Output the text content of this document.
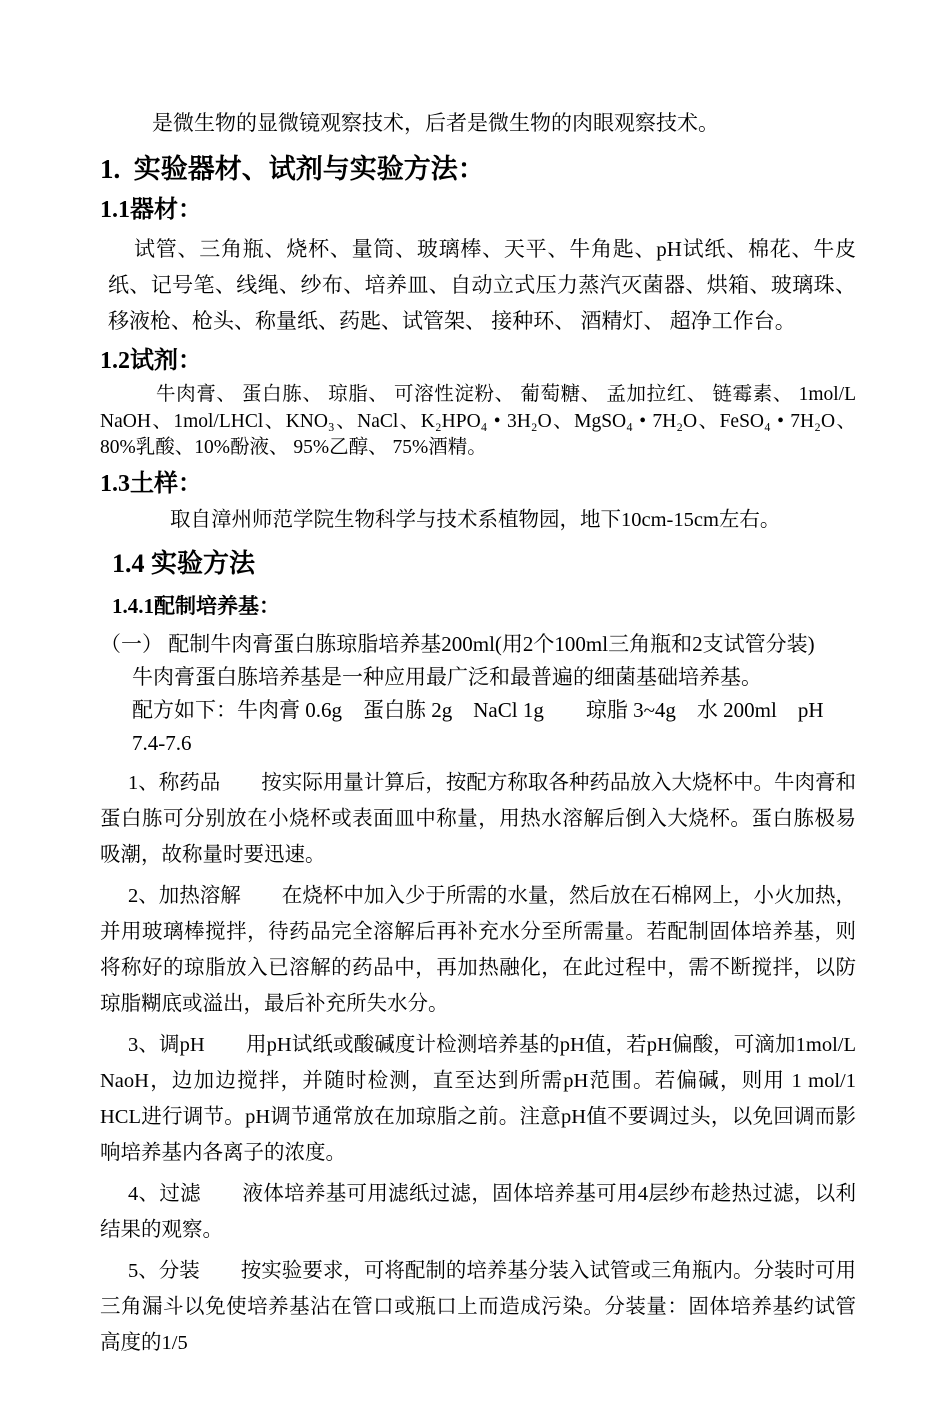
是微生物的显微镜观察技术，后者是微生物的肉眼观察技术。

1.  实验器材、试剂与实验方法：
1.1器材：

试管、三角瓶、烧杯、量筒、玻璃棒、天平、牛角匙、pH试纸、棉花、牛皮纸、记号笔、线绳、纱布、培养皿、自动立式压力蒸汽灭菌器、烘箱、玻璃珠、移液枪、枪头、称量纸、药匙、试管架、 接种环、 酒精灯、 超净工作台。

1.2试剂：

牛肉膏、 蛋白胨、 琼脂、 可溶性淀粉、 葡萄糖、 孟加拉红、 链霉素、 1mol/L NaOH、1mol/LHCl、KNO₃、NaCl、K₂HPO₄ • 3H₂O、MgSO₄ • 7H₂O、FeSO₄ • 7H₂O、80%乳酸、10%酚液、 95%乙醇、 75%酒精。

1.3土样：

取自漳州师范学院生物科学与技术系植物园，地下10cm-15cm左右。

1.4 实验方法
1.4.1配制培养基：

（一） 配制牛肉膏蛋白胨琼脂培养基200ml(用2个100ml三角瓶和2支试管分装)

牛肉膏蛋白胨培养基是一种应用最广泛和最普遍的细菌基础培养基。

配方如下：牛肉膏 0.6g　蛋白胨 2g　NaCl 1g　　琼脂 3~4g　水 200ml　pH 7.4-7.6

1、称药品　　按实际用量计算后，按配方称取各种药品放入大烧杯中。牛肉膏和蛋白胨可分别放在小烧杯或表面皿中称量，用热水溶解后倒入大烧杯。蛋白胨极易吸潮，故称量时要迅速。

2、加热溶解　　在烧杯中加入少于所需的水量，然后放在石棉网上，小火加热，并用玻璃棒搅拌，待药品完全溶解后再补充水分至所需量。若配制固体培养基，则将称好的琼脂放入已溶解的药品中，再加热融化，在此过程中，需不断搅拌，以防琼脂糊底或溢出，最后补充所失水分。

3、调pH　　用pH试纸或酸碱度计检测培养基的pH值，若pH偏酸，可滴加1mol/L NaoH，边加边搅拌，并随时检测，直至达到所需pH范围。若偏碱，则用 1 mol/1 HCL进行调节。pH调节通常放在加琼脂之前。注意pH值不要调过头，以免回调而影响培养基内各离子的浓度。

4、过滤　　液体培养基可用滤纸过滤，固体培养基可用4层纱布趁热过滤，以利结果的观察。

5、分装　　按实验要求，可将配制的培养基分装入试管或三角瓶内。分装时可用三角漏斗以免使培养基沾在管口或瓶口上而造成污染。分装量：固体培养基约试管高度的1/5
